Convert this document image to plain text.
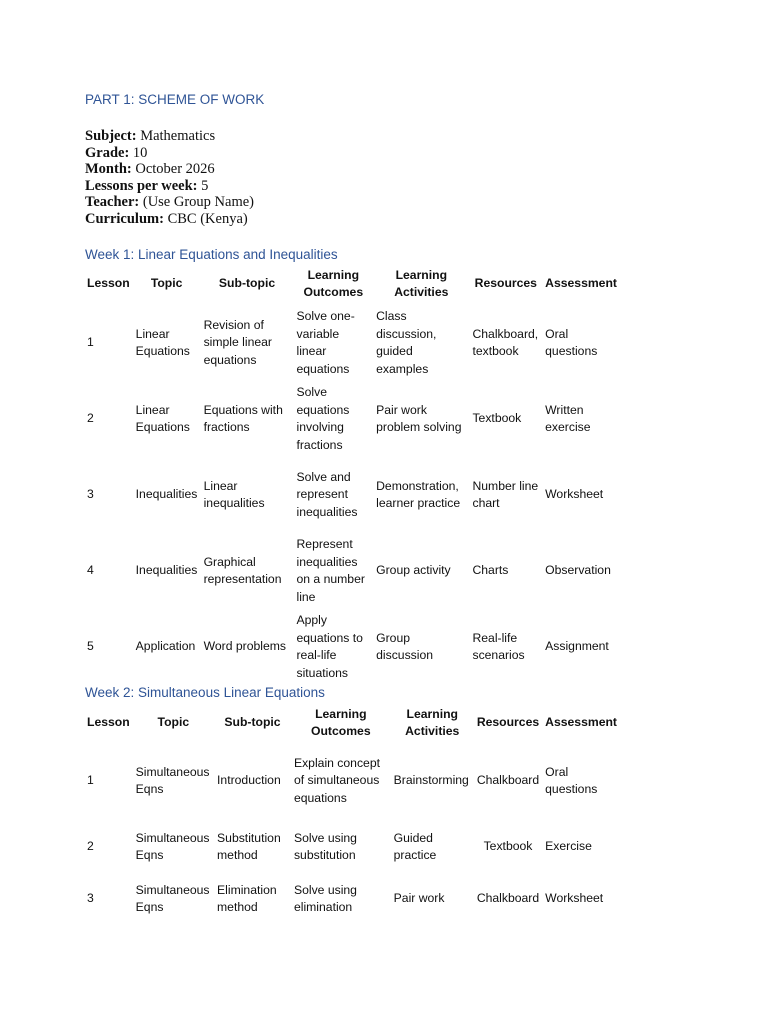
PART 1: SCHEME OF WORK
Subject: Mathematics
Grade: 10
Month: October 2026
Lessons per week: 5
Teacher: (Use Group Name)
Curriculum: CBC (Kenya)
Week 1: Linear Equations and Inequalities
Lesson	Topic	Sub-topic	Learning Outcomes	Learning Activities	Resources	Assessment
1	Linear Equations	Revision of simple linear equations	Solve one-variable linear equations	Class discussion, guided examples	Chalkboard, textbook	Oral questions
2	Linear Equations	Equations with fractions	Solve equations involving fractions	Pair work problem solving	Textbook	Written exercise
3	Inequalities	Linear inequalities	Solve and represent inequalities	Demonstration, learner practice	Number line chart	Worksheet
4	Inequalities	Graphical representation	Represent inequalities on a number line	Group activity	Charts	Observation
5	Application	Word problems	Apply equations to real-life situations	Group discussion	Real-life scenarios	Assignment
Week 2: Simultaneous Linear Equations
Lesson	Topic	Sub-topic	Learning Outcomes	Learning Activities	Resources	Assessment
1	Simultaneous Eqns	Introduction	Explain concept of simultaneous equations	Brainstorming	Chalkboard	Oral questions
2	Simultaneous Eqns	Substitution method	Solve using substitution	Guided practice	Textbook	Exercise
3	Simultaneous Eqns	Elimination method	Solve using elimination	Pair work	Chalkboard	Worksheet
